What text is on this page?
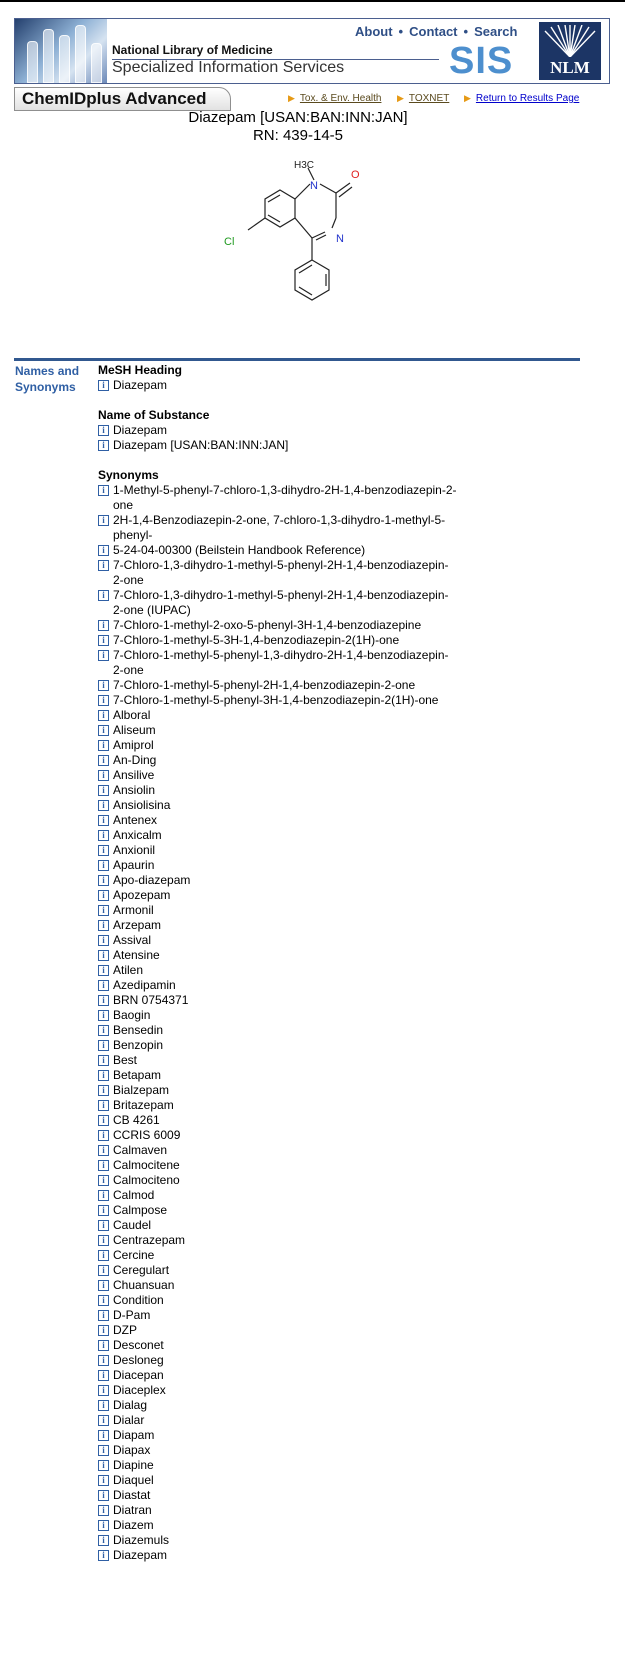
About • Contact • Search
National Library of Medicine
Specialized Information Services	SIS	NLM
ChemIDplus Advanced	▶ Tox. & Env. Health ▶ TOXNET ▶ Return to Results Page
Diazepam [USAN:BAN:INN:JAN]
RN: 439-14-5
H3C
N
O
N
Cl
Names and
Synonyms

MeSH Heading

i Diazepam

Name of Substance

i Diazepam
i Diazepam [USAN:BAN:INN:JAN]

Synonyms

i 1-Methyl-5-phenyl-7-chloro-1,3-dihydro-2H-1,4-benzodiazepin-2-one
i 2H-1,4-Benzodiazepin-2-one, 7-chloro-1,3-dihydro-1-methyl-5-phenyl-
i 5-24-04-00300 (Beilstein Handbook Reference)
i 7-Chloro-1,3-dihydro-1-methyl-5-phenyl-2H-1,4-benzodiazepin-2-one
i 7-Chloro-1,3-dihydro-1-methyl-5-phenyl-2H-1,4-benzodiazepin-2-one (IUPAC)
i 7-Chloro-1-methyl-2-oxo-5-phenyl-3H-1,4-benzodiazepine
i 7-Chloro-1-methyl-5-3H-1,4-benzodiazepin-2(1H)-one
i 7-Chloro-1-methyl-5-phenyl-1,3-dihydro-2H-1,4-benzodiazepin-2-one
i 7-Chloro-1-methyl-5-phenyl-2H-1,4-benzodiazepin-2-one
i 7-Chloro-1-methyl-5-phenyl-3H-1,4-benzodiazepin-2(1H)-one
i Alboral
i Aliseum
i Amiprol
i An-Ding
i Ansilive
i Ansiolin
i Ansiolisina
i Antenex
i Anxicalm
i Anxionil
i Apaurin
i Apo-diazepam
i Apozepam
i Armonil
i Arzepam
i Assival
i Atensine
i Atilen
i Azedipamin
i BRN 0754371
i Baogin
i Bensedin
i Benzopin
i Best
i Betapam
i Bialzepam
i Britazepam
i CB 4261
i CCRIS 6009
i Calmaven
i Calmocitene
i Calmociteno
i Calmod
i Calmpose
i Caudel
i Centrazepam
i Cercine
i Ceregulart
i Chuansuan
i Condition
i D-Pam
i DZP
i Desconet
i Desloneg
i Diacepan
i Diaceplex
i Dialag
i Dialar
i Diapam
i Diapax
i Diapine
i Diaquel
i Diastat
i Diatran
i Diazem
i Diazemuls
i Diazepam
